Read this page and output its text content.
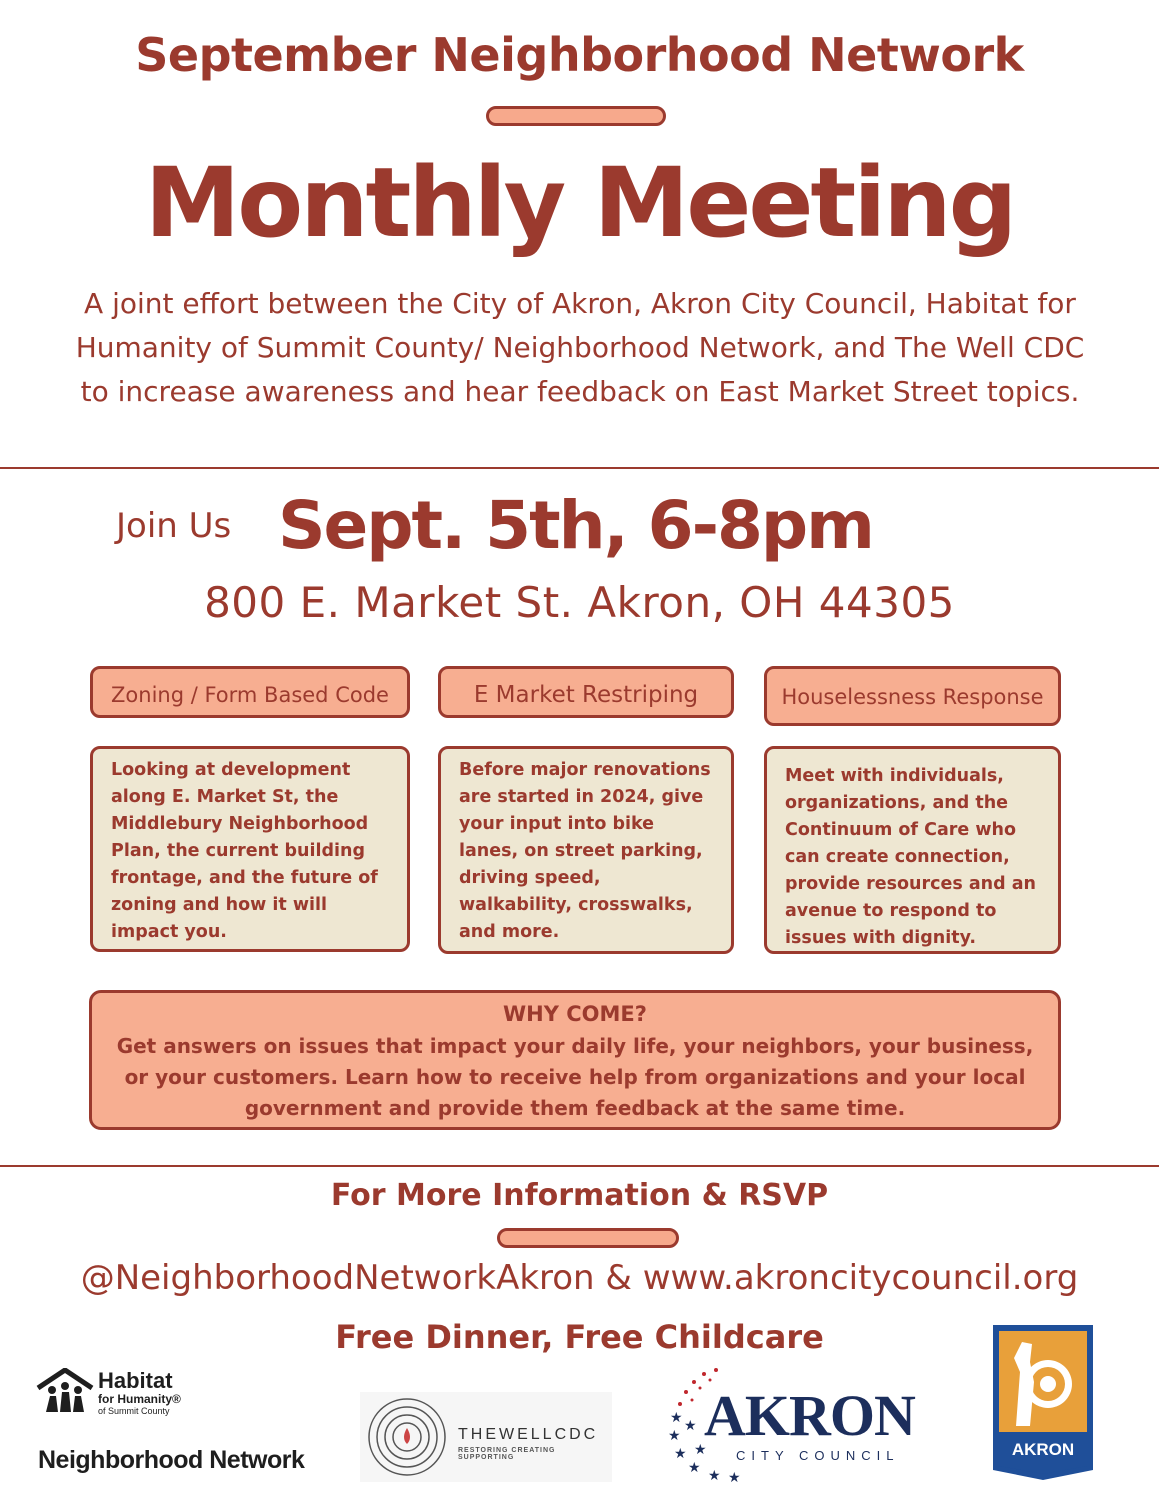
September Neighborhood Network
Monthly Meeting
A joint effort between the City of Akron, Akron City Council, Habitat for Humanity of Summit County/ Neighborhood Network, and The Well CDC to increase awareness and hear feedback on East Market Street topics.
Join Us Sept. 5th, 6-8pm
800 E. Market St. Akron, OH 44305
Zoning / Form Based Code
Looking at development along E. Market St, the Middlebury Neighborhood Plan, the current building frontage, and the future of zoning and how it will impact you.
E Market Restriping
Before major renovations are started in 2024, give your input into bike lanes, on street parking, driving speed, walkability, crosswalks, and more.
Houselessness Response
Meet with individuals, organizations, and the Continuum of Care who can create connection, provide resources and an avenue to respond to issues with dignity.
WHY COME?
Get answers on issues that impact your daily life, your neighbors, your business, or your customers. Learn how to receive help from organizations and your local government and provide them feedback at the same time.
For More Information & RSVP
@NeighborhoodNetworkAkron & www.akroncitycouncil.org
Free Dinner, Free Childcare
Habitat
for Humanity®
of Summit County
Neighborhood Network
THEWELLCDC
RESTORING CREATING SUPPORTING
★
★
★
★ ★
★
★
★
AKRON
CITY COUNCIL	AKRON
